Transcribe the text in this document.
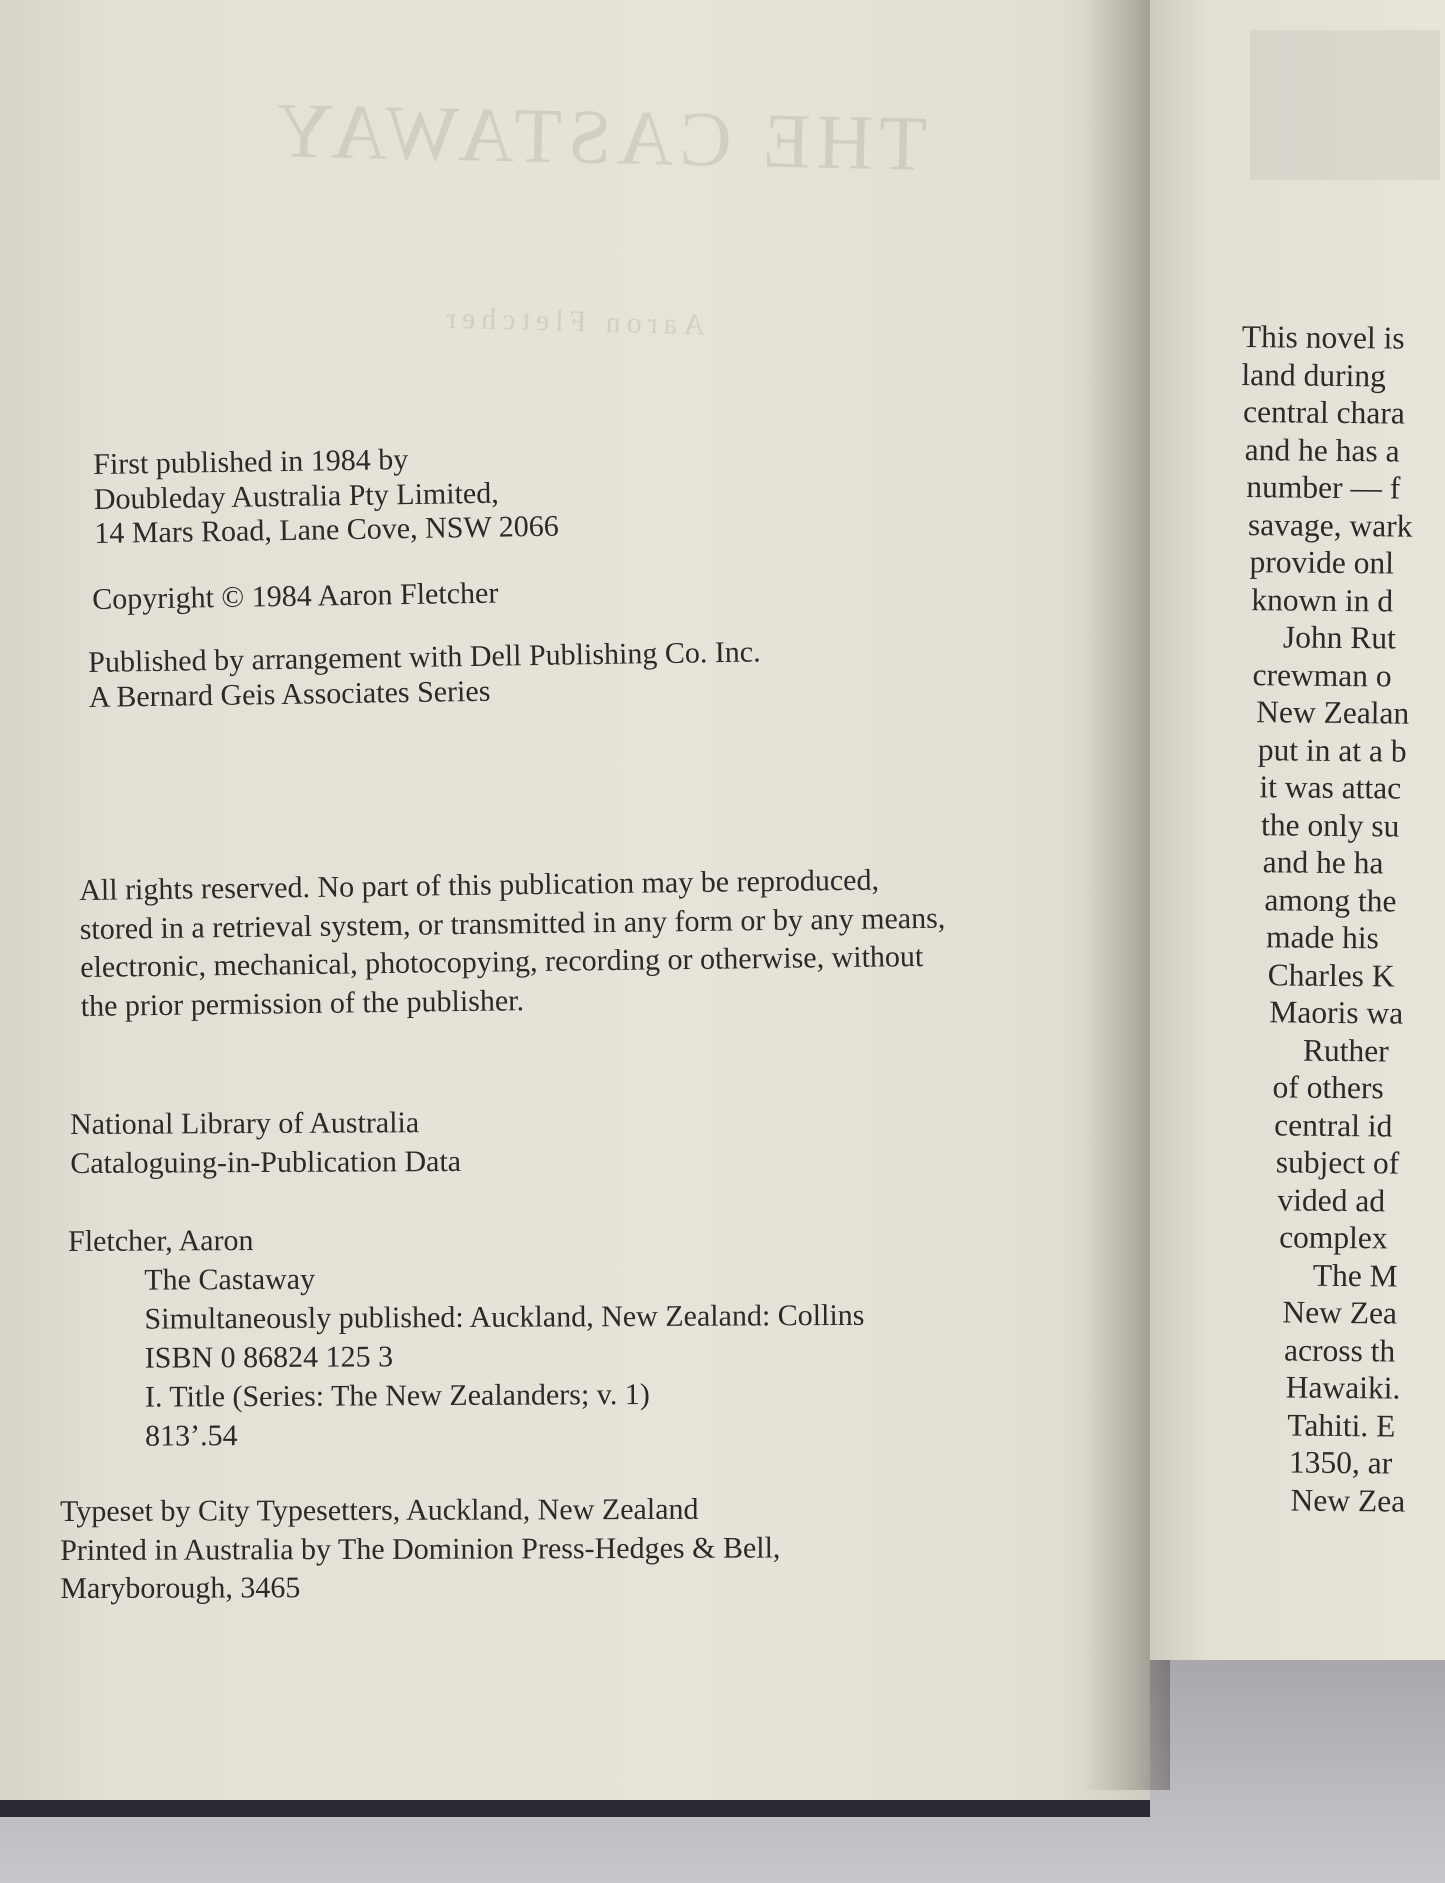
THE CASTAWAY
Aaron Fletcher
First published in 1984 by
Doubleday Australia Pty Limited,
14 Mars Road, Lane Cove, NSW 2066
Copyright © 1984 Aaron Fletcher
Published by arrangement with Dell Publishing Co. Inc.
A Bernard Geis Associates Series
All rights reserved. No part of this publication may be reproduced,
stored in a retrieval system, or transmitted in any form or by any means,
electronic, mechanical, photocopying, recording or otherwise, without
the prior permission of the publisher.
National Library of Australia
Cataloguing-in-Publication Data
Fletcher, Aaron
The Castaway
Simultaneously published: Auckland, New Zealand: Collins
ISBN 0 86824 125 3
I. Title (Series: The New Zealanders; v. 1)
813’.54
Typeset by City Typesetters, Auckland, New Zealand
Printed in Australia by The Dominion Press-Hedges & Bell,
Maryborough, 3465
This novel is
land during
central chara
and he has a
number — f
savage, wark
provide onl
known in d
John Rut
crewman o
New Zealan
put in at a b
it was attac
the only su
and he ha
among the
made his
Charles K
Maoris wa
Ruther
of others
central id
subject of
vided ad
complex
The M
New Zea
across th
Hawaiki.
Tahiti. E
1350, ar
New Zea
